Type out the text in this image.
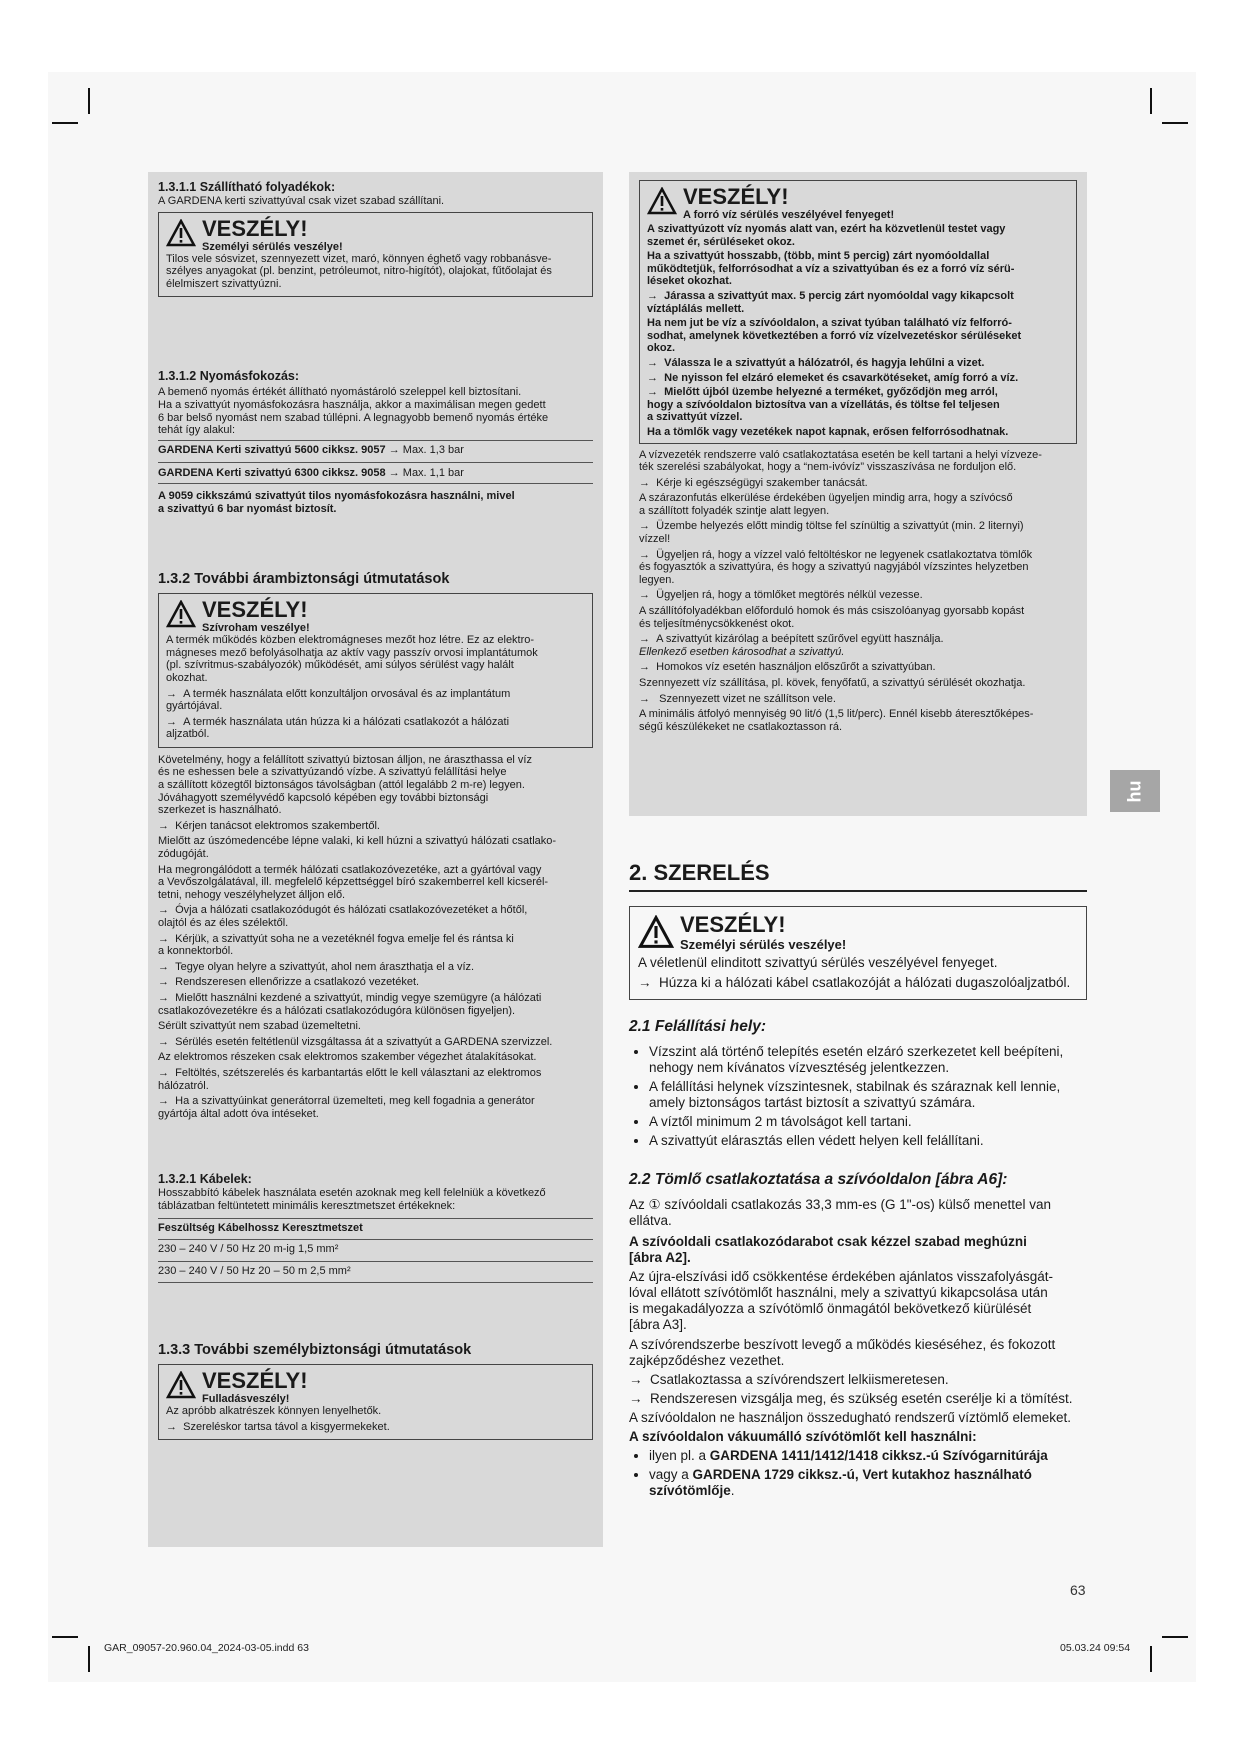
1.3.1.1 Szállítható folyadékok:

A GARDENA kerti szivattyúval csak vizet szabad szállítani.

VESZÉLY!
Személyi sérülés veszélye!

Tilos vele sósvizet, szennyezett vizet, maró, könnyen éghető vagy robbanásve-
szélyes anyagokat (pl. benzint, petróleumot, nitro-higítót), olajokat, fűtőolajat és
élelmiszert szivattyúzni.

1.3.1.2 Nyomásfokozás:

A bemenő nyomás értékét állítható nyomástároló szeleppel kell biztosítani.
Ha a szivattyút nyomásfokozásra használja, akkor a maximálisan megen gedett
6 bar belső nyomást nem szabad túllépni. A legnagyobb bemenő nyomás értéke
tehát így alakul:

GARDENA Kerti szivattyú 5600 cikksz. 9057 → Max. 1,3 bar

GARDENA Kerti szivattyú 6300 cikksz. 9058 → Max. 1,1 bar

A 9059 cikkszámú szivattyút tilos nyomásfokozásra használni, mivel
a szivattyú 6 bar nyomást biztosít.

1.3.2 További árambiztonsági útmutatások

VESZÉLY!
Szívroham veszélye!

A termék működés közben elektromágneses mezőt hoz létre. Ez az elektro-
mágneses mező befolyásolhatja az aktív vagy passzív orvosi implantátumok
(pl. szívritmus-szabályozók) működését, ami súlyos sérülést vagy halált
okozhat.

→  A termék használata előtt konzultáljon orvosával és az implantátum
gyártójával.

→  A termék használata után húzza ki a hálózati csatlakozót a hálózati
aljzatból.

Követelmény, hogy a felállított szivattyú biztosan álljon, ne áraszthassa el víz
és ne eshessen bele a szivattyúzandó vízbe. A szivattyú felállítási helye
a szállított közegtől biztonságos távolságban (attól legalább 2 m-re) legyen.
Jóváhagyott személyvédő kapcsoló képében egy további biztonsági
szerkezet is használható.

→  Kérjen tanácsot elektromos szakembertől.

Mielőtt az úszómedencébe lépne valaki, ki kell húzni a szivattyú hálózati csatlako-
zódugóját.

Ha megrongálódott a termék hálózati csatlakozóvezetéke, azt a gyártóval vagy
a Vevőszolgálatával, ill. megfelelő képzettséggel bíró szakemberrel kell kicserél-
tetni, nehogy veszélyhelyzet álljon elő.

→  Óvja a hálózati csatlakozódugót és hálózati csatlakozóvezetéket a hőtől,
olajtól és az éles szélektől.

→  Kérjük, a szivattyút soha ne a vezetéknél fogva emelje fel és rántsa ki
a konnektorból.

→  Tegye olyan helyre a szivattyút, ahol nem áraszthatja el a víz.

→  Rendszeresen ellenőrizze a csatlakozó vezetéket.

→  Mielőtt használni kezdené a szivattyút, mindig vegye szemügyre (a hálózati
csatlakozóvezetékre és a hálózati csatlakozódugóra különösen figyeljen).

Sérült szivattyút nem szabad üzemeltetni.

→  Sérülés esetén feltétlenül vizsgáltassa át a szivattyút a GARDENA szervizzel.

Az elektromos részeken csak elektromos szakember végezhet átalakításokat.

→  Feltöltés, szétszerelés és karbantartás előtt le kell választani az elektromos
hálózatról.

→  Ha a szivattyúinkat generátorral üzemelteti, meg kell fogadnia a generátor
gyártója által adott óva intéseket.

1.3.2.1 Kábelek:

Hosszabbító kábelek használata esetén azoknak meg kell felelniük a következő
táblázatban feltüntetett minimális keresztmetszet értékeknek:

Feszültség Kábelhossz Keresztmetszet

230 – 240 V / 50 Hz 20 m-ig 1,5 mm²

230 – 240 V / 50 Hz 20 – 50 m 2,5 mm²

1.3.3 További személybiztonsági útmutatások

VESZÉLY!
Fulladásveszély!

Az apróbb alkatrészek könnyen lenyelhetők.

→  Szereléskor tartsa távol a kisgyermekeket.

VESZÉLY!
A forró víz sérülés veszélyével fenyeget!

A szivattyúzott víz nyomás alatt van, ezért ha közvetlenül testet vagy
szemet ér, sérüléseket okoz.

Ha a szivattyút hosszabb, (több, mint 5 percig) zárt nyomóoldallal
működtetjük, felforrósodhat a víz a szivattyúban és ez a forró víz sérü-
léseket okozhat.

→  Járassa a szivattyút max. 5 percig zárt nyomóoldal vagy kikapcsolt
víztáplálás mellett.

Ha nem jut be víz a szívóoldalon, a szivat tyúban található víz felforró-
sodhat, amelynek következtében a forró víz vízelvezetéskor sérüléseket
okoz.

→  Válassza le a szivattyút a hálózatról, és hagyja lehűlni a vizet.

→  Ne nyisson fel elzáró elemeket és csavarkötéseket, amíg forró a víz.

→  Mielőtt újból üzembe helyezné a terméket, győződjön meg arról,
hogy a szívóoldalon biztosítva van a vízellátás, és töltse fel teljesen
a szivattyút vízzel.

Ha a tömlők vagy vezetékek napot kapnak, erősen felforrósodhatnak.

A vízvezeték rendszerre való csatlakoztatása esetén be kell tartani a helyi vízveze-
ték szerelési szabályokat, hogy a “nem-ivóvíz” visszaszívása ne forduljon elő.

→  Kérje ki egészségügyi szakember tanácsát.

A szárazonfutás elkerülése érdekében ügyeljen mindig arra, hogy a szívócső
a szállított folyadék szintje alatt legyen.

→  Üzembe helyezés előtt mindig töltse fel színültig a szivattyút (min. 2 liternyi)
vízzel!

→  Ügyeljen rá, hogy a vízzel való feltöltéskor ne legyenek csatlakoztatva tömlők
és fogyasztók a szivattyúra, és hogy a szivattyú nagyjából vízszintes helyzetben
legyen.

→  Ügyeljen rá, hogy a tömlőket megtörés nélkül vezesse.

A szállítófolyadékban előforduló homok és más csiszolóanyag gyorsabb kopást
és teljesítménycsökkenést okot.

→  A szivattyút kizárólag a beépített szűrővel együtt használja.
Ellenkező esetben károsodhat a szivattyú.

→  Homokos víz esetén használjon előszűrőt a szivattyúban.

Szennyezett víz szállítása, pl. kövek, fenyőfatű, a szivattyú sérülését okozhatja.

→   Szennyezett vizet ne szállítson vele.

A minimális átfolyó mennyiség 90 lit/ó (1,5 lit/perc). Ennél kisebb áteresztőképes-
ségű készülékeket ne csatlakoztasson rá.

2. SZERELÉS

VESZÉLY!
Személyi sérülés veszélye!

A véletlenül elinditott szivattyú sérülés veszélyével fenyeget.

→  Húzza ki a hálózati kábel csatlakozóját a hálózati dugaszolóaljzatból.

2.1 Felállítási hely:

• Vízszint alá történő telepítés esetén elzáró szerkezetet kell beépíteni,
nehogy nem kívánatos vízvesztéség jelentkezzen.
• A felállítási helynek vízszintesnek, stabilnak és száraznak kell lennie,
amely biztonságos tartást biztosít a szivattyú számára.
• A víztől minimum 2 m távolságot kell tartani.
• A szivattyút elárasztás ellen védett helyen kell felállítani.

2.2 Tömlő csatlakoztatása a szívóoldalon [ábra A6]:

Az ① szívóoldali csatlakozás 33,3 mm-es (G 1"-os) külső menettel van
ellátva.

A szívóoldali csatlakozódarabot csak kézzel szabad meghúzni
[ábra A2].

Az újra-elszívási idő csökkentése érdekében ajánlatos visszafolyásgát-
lóval ellátott szívótömlőt használni, mely a szivattyú kikapcsolása után
is megakadályozza a szívótömlő önmagától bekövetkező kiürülését
[ábra A3].

A szívórendszerbe beszívott levegő a működés kieséséhez, és fokozott
zajképződéshez vezethet.

→  Csatlakoztassa a szívórendszert lelkiismeretesen.

→  Rendszeresen vizsgálja meg, és szükség esetén cserélje ki a tömítést.

A szívóoldalon ne használjon összedugható rendszerű víztömlő elemeket.

A szívóoldalon vákuumálló szívótömlőt kell használni:

• ilyen pl. a GARDENA 1411/1412/1418 cikksz.-ú Szívógarnitúrája
• vagy a GARDENA 1729 cikksz.-ú, Vert kutakhoz használható
szívótömlője.
hu
63
GAR_09057-20.960.04_2024-03-05.indd 63	05.03.24 09:54
